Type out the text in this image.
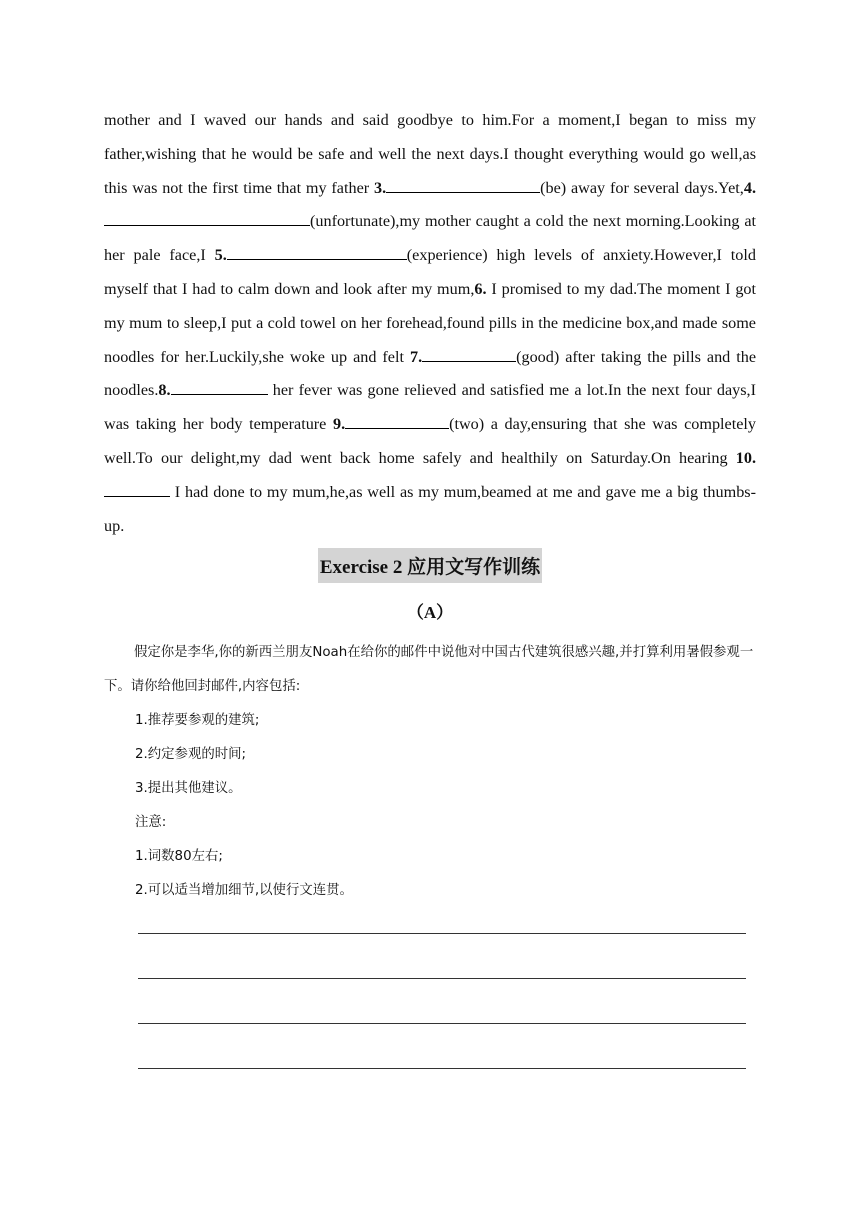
mother and I waved our hands and said goodbye to him.For a moment,I began to miss my father,wishing that he would be safe and well the next days.I thought everything would go well,as this was not the first time that my father 3.	(be) away for several days.Yet,4.(unfortunate),my mother caught a cold the next morning.Looking at her pale face,I 5.	(experience) high levels of anxiety.However,I told myself that I had to calm down and look after my mum,6. I promised to my dad.The moment I got my mum to sleep,I put a cold towel on her forehead,found pills in the medicine box,and made some noodles for her.Luckily,she woke up and felt 7.	(good) after taking the pills and the noodles.8.	her fever was gone relieved and satisfied me a lot.In the next four days,I was taking her body temperature 9.	(two) a day,ensuring that she was completely well.To our delight,my dad went back home safely and healthily on Saturday.On hearing 10. I had done to my mum,he,as well as my mum,beamed at me and gave me a big thumbs-up.

Exercise 2 应用文写作训练
（A）

假定你是李华,你的新西兰朋友Noah在给你的邮件中说他对中国古代建筑很感兴趣,并打算利用暑假参观一下。请你给他回封邮件,内容包括:

1.推荐要参观的建筑;

2.约定参观的时间;

3.提出其他建议。

注意:

1.词数80左右;

2.可以适当增加细节,以使行文连贯。
